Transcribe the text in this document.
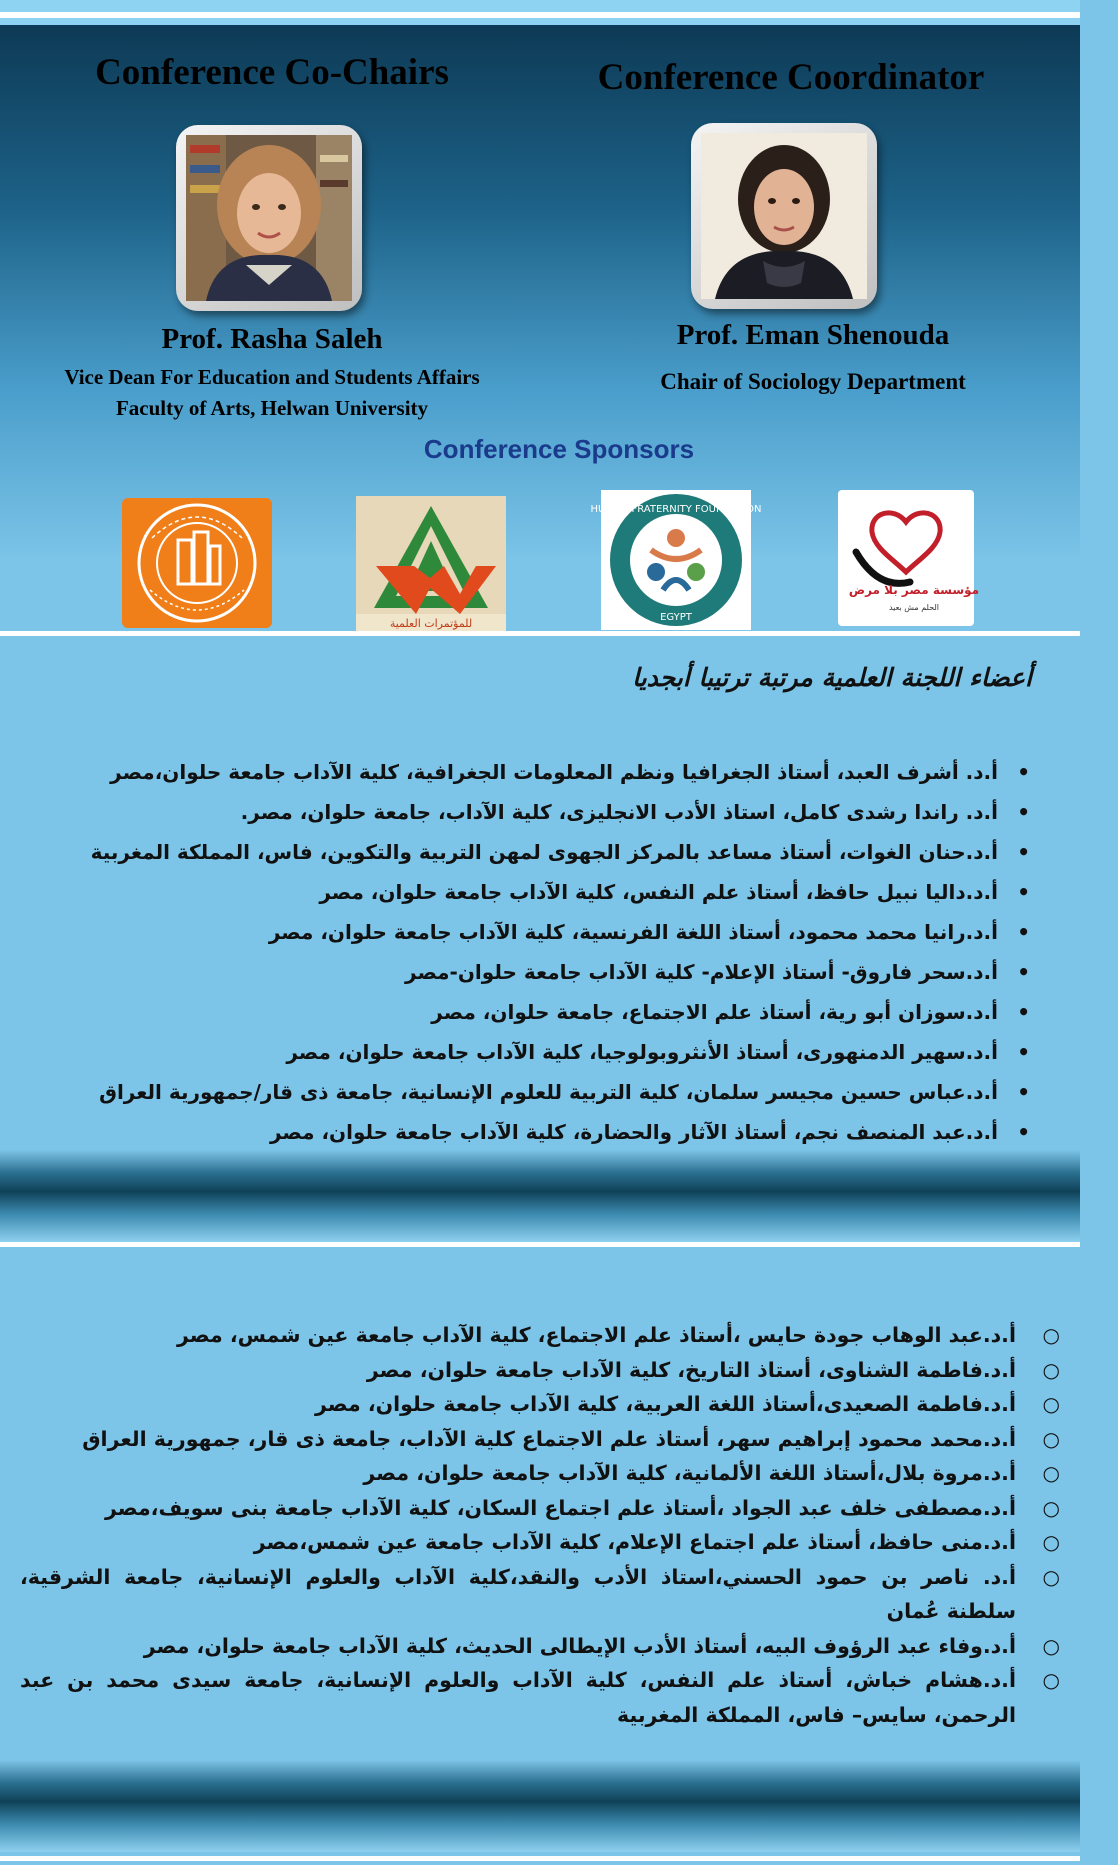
Conference Co-Chairs	Conference Coordinator
Prof. Rasha Saleh
Vice Dean For Education and Students Affairs
Faculty of Arts, Helwan University
Prof. Eman Shenouda
Chair of Sociology Department
Conference Sponsors
للمؤتمرات العلمية
HUMAN FRATERNITY FOUNDATION
EGYPT
مؤسسة مصر بلا مرض
الحلم مش بعيد
أعضاء اللجنة العلمية مرتبة ترتيبا أبجديا
•
أ.د. أشرف العبد، أستاذ الجغرافيا ونظم المعلومات الجغرافية، كلية الآداب جامعة حلوان،مصر
•
أ.د. راندا رشدى كامل، استاذ الأدب الانجليزى، كلية الآداب، جامعة حلوان، مصر.
•
أ.د.حنان الغوات، أستاذ مساعد بالمركز الجهوى لمهن التربية والتكوين، فاس، المملكة المغربية
•
أ.د.داليا نبيل حافظ، أستاذ علم النفس، كلية الآداب جامعة حلوان، مصر
•
أ.د.رانيا محمد محمود، أستاذ اللغة الفرنسية، كلية الآداب جامعة حلوان، مصر
•
أ.د.سحر فاروق- أستاذ الإعلام- كلية الآداب جامعة حلوان-مصر
•
أ.د.سوزان أبو رية، أستاذ علم الاجتماع، جامعة حلوان، مصر
•
أ.د.سهير الدمنهورى، أستاذ الأنثروبولوجيا، كلية الآداب جامعة حلوان، مصر
•
أ.د.عباس حسين مجيسر سلمان، كلية التربية للعلوم الإنسانية، جامعة ذى قار/جمهورية العراق
•
أ.د.عبد المنصف نجم، أستاذ الآثار والحضارة، كلية الآداب جامعة حلوان، مصر
○
أ.د.عبد الوهاب جودة حايس ،أستاذ علم الاجتماع، كلية الآداب جامعة عين شمس، مصر
○
أ.د.فاطمة الشناوى، أستاذ التاريخ، كلية الآداب جامعة حلوان، مصر
○
أ.د.فاطمة الصعيدى،أستاذ اللغة العربية، كلية الآداب جامعة حلوان، مصر
○
أ.د.محمد محمود إبراهيم سهر، أستاذ علم الاجتماع كلية الآداب، جامعة ذى قار، جمهورية العراق
○
أ.د.مروة بلال،أستاذ اللغة الألمانية، كلية الآداب جامعة حلوان، مصر
○
أ.د.مصطفى خلف عبد الجواد ،أستاذ علم اجتماع السكان، كلية الآداب جامعة بنى سويف،مصر
○
أ.د.منى حافظ، أستاذ علم اجتماع الإعلام، كلية الآداب جامعة عين شمس،مصر
○
أ.د. ناصر بن حمود الحسني،استاذ الأدب والنقد،كلية الآداب والعلوم الإنسانية، جامعة الشرقية، سلطنة عُمان
○
أ.د.وفاء عبد الرؤوف البيه، أستاذ الأدب الإيطالى الحديث، كلية الآداب جامعة حلوان، مصر
○
أ.د.هشام خباش، أستاذ علم النفس، كلية الآداب والعلوم الإنسانية، جامعة سيدى محمد بن عبد الرحمن، سايس– فاس، المملكة المغربية
